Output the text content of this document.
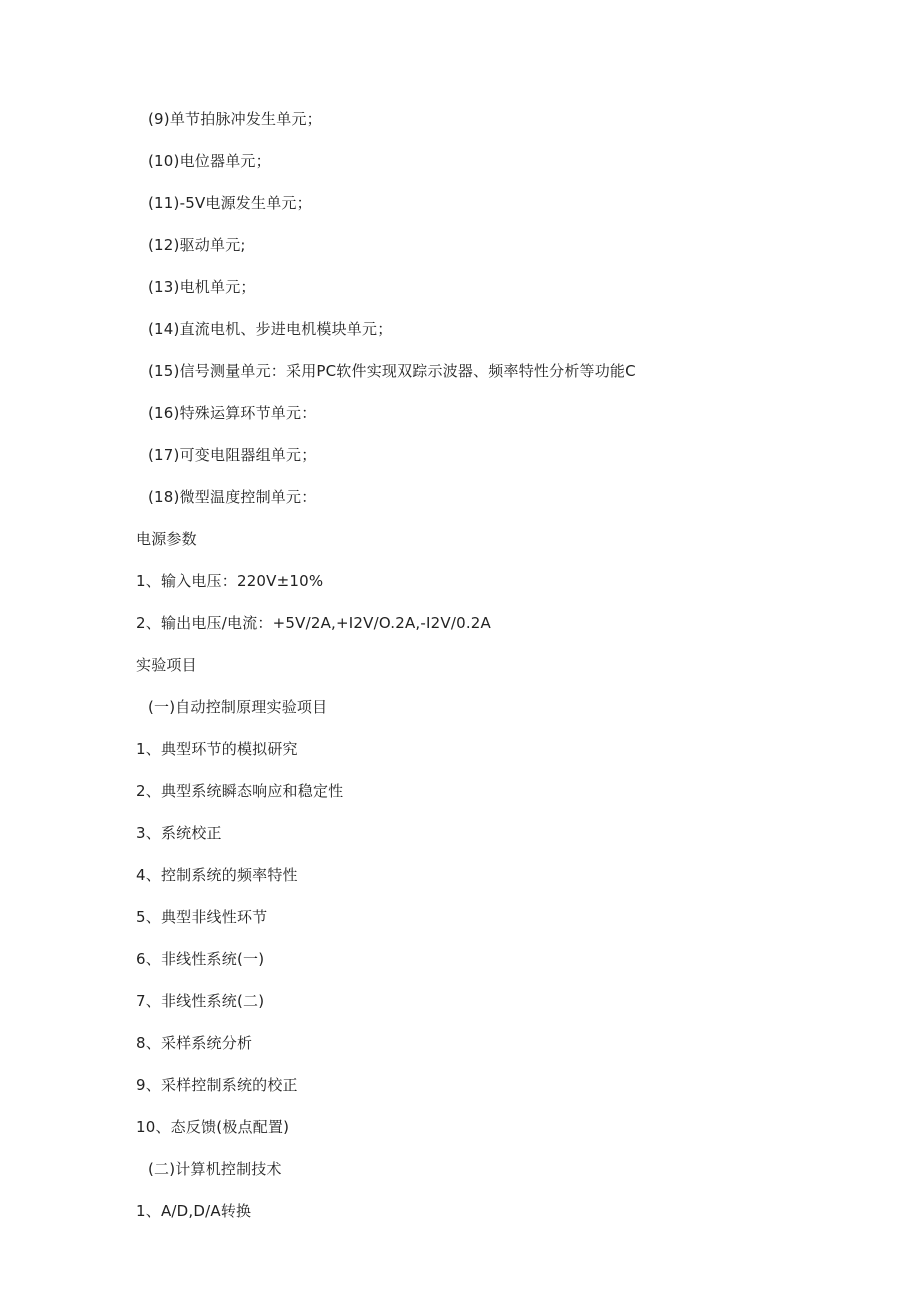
(9)单节拍脉冲发生单元；
(10)电位器单元；
(11)-5V电源发生单元；
(12)驱动单元;
(13)电机单元；
(14)直流电机、步进电机模块单元；
(15)信号测量单元：采用PC软件实现双踪示波器、频率特性分析等功能C
(16)特殊运算环节单元：
(17)可变电阻器组单元；
(18)微型温度控制单元：
电源参数
1、输入电压：220V±10%
2、输出电压/电流：+5V/2A,+I2V/O.2A,-I2V/0.2A
实验项目
(一)自动控制原理实验项目
1、典型环节的模拟研究
2、典型系统瞬态响应和稳定性
3、系统校正
4、控制系统的频率特性
5、典型非线性环节
6、非线性系统(一)
7、非线性系统(二)
8、采样系统分析
9、采样控制系统的校正
10、态反馈(极点配置)
(二)计算机控制技术
1、A/D,D/A转换
